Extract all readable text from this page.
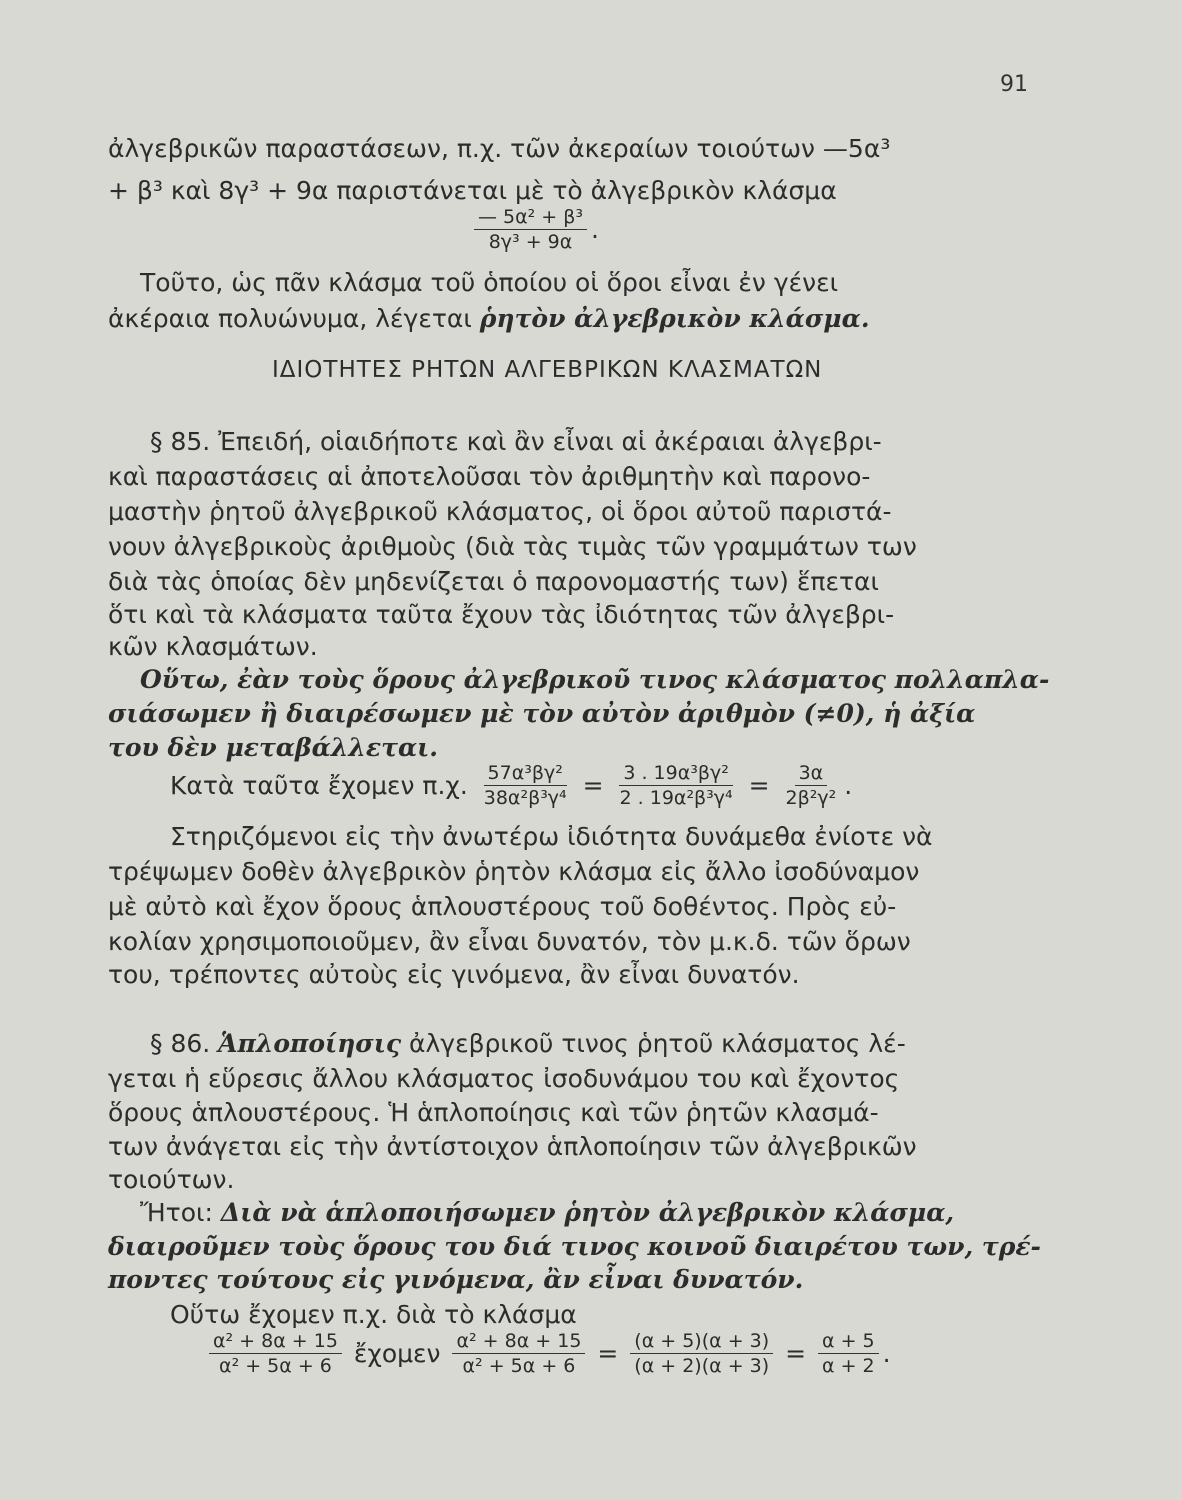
91
ἀλγεβρικῶν παραστάσεων, π.χ. τῶν ἀκεραίων τοιούτων —5α³
+ β³ καὶ 8γ³ + 9α παριστάνεται μὲ τὸ ἀλγεβρικὸν κλάσμα
$\frac{\text{— 5α² + β³}}{\text{8γ³ + 9α}}$ .
Τοῦτο, ὡς πᾶν κλάσμα τοῦ ὁποίου οἱ ὅροι εἶναι ἐν γένει
ἀκέραια πολυώνυμα, λέγεται ῥητὸν ἀλγεβρικὸν κλάσμα.
ΙΔΙΟΤΗΤΕΣ ΡΗΤΩΝ ΑΛΓΕΒΡΙΚΩΝ ΚΛΑΣΜΑΤΩΝ
§ 85. Ἐπειδή, οἱαιδήποτε καὶ ἂν εἶναι αἱ ἀκέραιαι ἀλγεβρι-
καὶ παραστάσεις αἱ ἀποτελοῦσαι τὸν ἀριθμητὴν καὶ παρονο-
μαστὴν ῥητοῦ ἀλγεβρικοῦ κλάσματος, οἱ ὅροι αὐτοῦ παριστά-
νουν ἀλγεβρικοὺς ἀριθμοὺς (διὰ τὰς τιμὰς τῶν γραμμάτων των
διὰ τὰς ὁποίας δὲν μηδενίζεται ὁ παρονομαστής των) ἕπεται
ὅτι καὶ τὰ κλάσματα ταῦτα ἔχουν τὰς ἰδιότητας τῶν ἀλγεβρι-
κῶν κλασμάτων.
Οὕτω, ἐὰν τοὺς ὅρους ἀλγεβρικοῦ τινος κλάσματος πολλαπλα-
σιάσωμεν ἢ διαιρέσωμεν μὲ τὸν αὐτὸν ἀριθμὸν (≠0), ἡ ἀξία
του δὲν μεταβάλλεται.
Κατὰ ταῦτα ἔχομεν π.χ. $\frac{\text{57α³βγ²}}{\text{38α²β³γ⁴}} = \frac{\text{3 . 19α³βγ²}}{\text{2 . 19α²β³γ⁴}} = \frac{3\alpha}{\text{2β²γ²}}$ .
Στηριζόμενοι εἰς τὴν ἀνωτέρω ἰδιότητα δυνάμεθα ἐνίοτε νὰ
τρέψωμεν δοθὲν ἀλγεβρικὸν ῥητὸν κλάσμα εἰς ἄλλο ἰσοδύναμον
μὲ αὐτὸ καὶ ἔχον ὅρους ἁπλουστέρους τοῦ δοθέντος. Πρὸς εὐ-
κολίαν χρησιμοποιοῦμεν, ἂν εἶναι δυνατόν, τὸν μ.κ.δ. τῶν ὅρων
του, τρέποντες αὐτοὺς εἰς γινόμενα, ἂν εἶναι δυνατόν.
§ 86. Ἁπλοποίησις ἀλγεβρικοῦ τινος ῥητοῦ κλάσματος λέ-
γεται ἡ εὕρεσις ἄλλου κλάσματος ἰσοδυνάμου του καὶ ἔχοντος
ὅρους ἁπλουστέρους. Ἡ ἁπλοποίησις καὶ τῶν ῥητῶν κλασμά-
των ἀνάγεται εἰς τὴν ἀντίστοιχον ἁπλοποίησιν τῶν ἀλγεβρικῶν
τοιούτων.
Ἤτοι: Διὰ νὰ ἁπλοποιήσωμεν ῥητὸν ἀλγεβρικὸν κλάσμα,
διαιροῦμεν τοὺς ὅρους του διά τινος κοινοῦ διαιρέτου των, τρέ-
ποντες τούτους εἰς γινόμενα, ἂν εἶναι δυνατόν.
Οὕτω ἔχομεν π.χ. διὰ τὸ κλάσμα
$\frac{\text{α² + 8α + 15}}{\text{α² + 5α + 6}}$ ἔχομεν $\frac{\text{α² + 8α + 15}}{\text{α² + 5α + 6}} = \frac{(\alpha + 5)(\alpha + 3)}{(\alpha + 2)(\alpha + 3)} = \frac{\alpha + 5}{\alpha + 2}$ .
